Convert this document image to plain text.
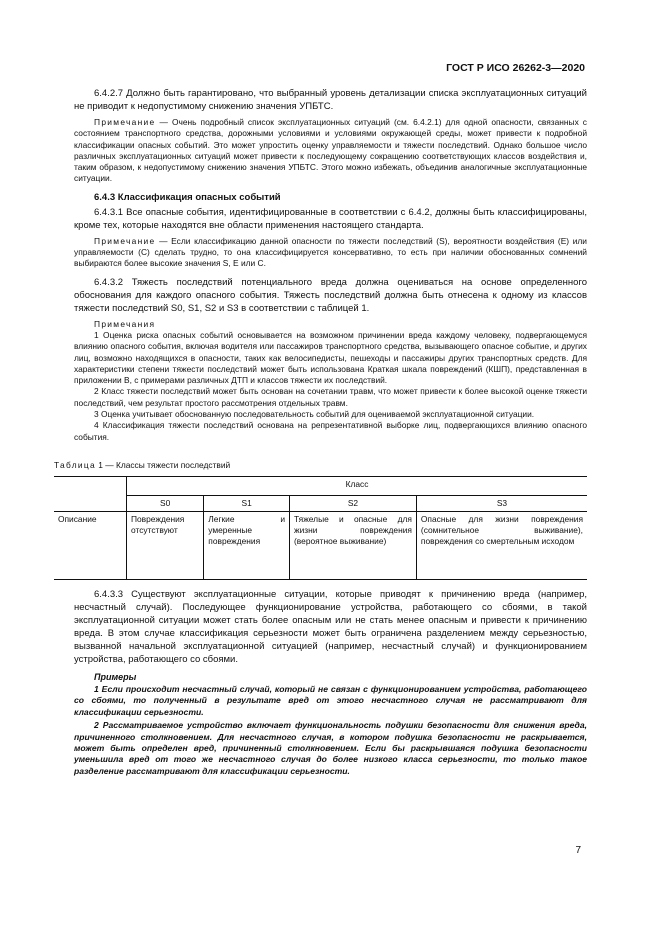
ГОСТ Р ИСО 26262-3—2020

6.4.2.7 Должно быть гарантировано, что выбранный уровень детализации списка эксплуатационных ситуаций не приводит к недопустимому снижению значения УПБТС.

Примечание — Очень подробный список эксплуатационных ситуаций (см. 6.4.2.1) для одной опасности, связанных с состоянием транспортного средства, дорожными условиями и условиями окружающей среды, может привести к подробной классификации опасных событий. Это может упростить оценку управляемости и тяжести последствий. Однако большое число различных эксплуатационных ситуаций может привести к последующему сокращению соответствующих классов воздействия и, таким образом, к недопустимому снижению значения УПБТС. Этого можно избежать, объединив аналогичные эксплуатационные ситуации.

6.4.3 Классификация опасных событий

6.4.3.1 Все опасные события, идентифицированные в соответствии с 6.4.2, должны быть классифицированы, кроме тех, которые находятся вне области применения настоящего стандарта.

Примечание — Если классификацию данной опасности по тяжести последствий (S), вероятности воздействия (E) или управляемости (C) сделать трудно, то она классифицируется консервативно, то есть при наличии обоснованных сомнений выбираются более высокие значения S, E или C.

6.4.3.2 Тяжесть последствий потенциального вреда должна оцениваться на основе определенного обоснования для каждого опасного события. Тяжесть последствий должна быть отнесена к одному из классов тяжести последствий S0, S1, S2 и S3 в соответствии с таблицей 1.

Примечания

1 Оценка риска опасных событий основывается на возможном причинении вреда каждому человеку, подвергающемуся влиянию опасного события, включая водителя или пассажиров транспортного средства, вызывающего опасное событие, и других лиц, возможно находящихся в опасности, таких как велосипедисты, пешеходы и пассажиры других транспортных средств. Для характеристики степени тяжести последствий может быть использована Краткая шкала повреждений (КШП), представленная в приложении B, с примерами различных ДТП и классов тяжести их последствий.

2 Класс тяжести последствий может быть основан на сочетании травм, что может привести к более высокой оценке тяжести последствий, чем результат простого рассмотрения отдельных травм.

3 Оценка учитывает обоснованную последовательность событий для оцениваемой эксплуатационной ситуации.

4 Классификация тяжести последствий основана на репрезентативной выборке лиц, подвергающихся влиянию опасного события.

Таблица 1 — Классы тяжести последствий
	Класс			
	S0	S1	S2	S3
Описание	Повреждения отсутствуют	Легкие и умеренные повреждения	Тяжелые и опасные для жизни повреждения (вероятное выживание)	Опасные для жизни повреждения (сомнительное выживание), повреждения со смертельным исходом

6.4.3.3 Существуют эксплуатационные ситуации, которые приводят к причинению вреда (например, несчастный случай). Последующее функционирование устройства, работающего со сбоями, в такой эксплуатационной ситуации может стать более опасным или не стать менее опасным и привести к причинению вреда. В этом случае классификация серьезности может быть ограничена разделением между серьезностью, вызванной начальной эксплуатационной ситуацией (например, несчастный случай) и функционированием устройства, работающего со сбоями.

Примеры

1 Если происходит несчастный случай, который не связан с функционированием устройства, работающего со сбоями, то полученный в результате вред от этого несчастного случая не рассматривают для классификации серьезности.

2 Рассматриваемое устройство включает функциональность подушки безопасности для снижения вреда, причиненного столкновением. Для несчастного случая, в котором подушка безопасности не раскрывается, может быть определен вред, причиненный столкновением. Если бы раскрывшаяся подушка безопасности уменьшила вред от того же несчастного случая до более низкого класса серьезности, то только такое разделение рассматривают для классификации серьезности.

7
